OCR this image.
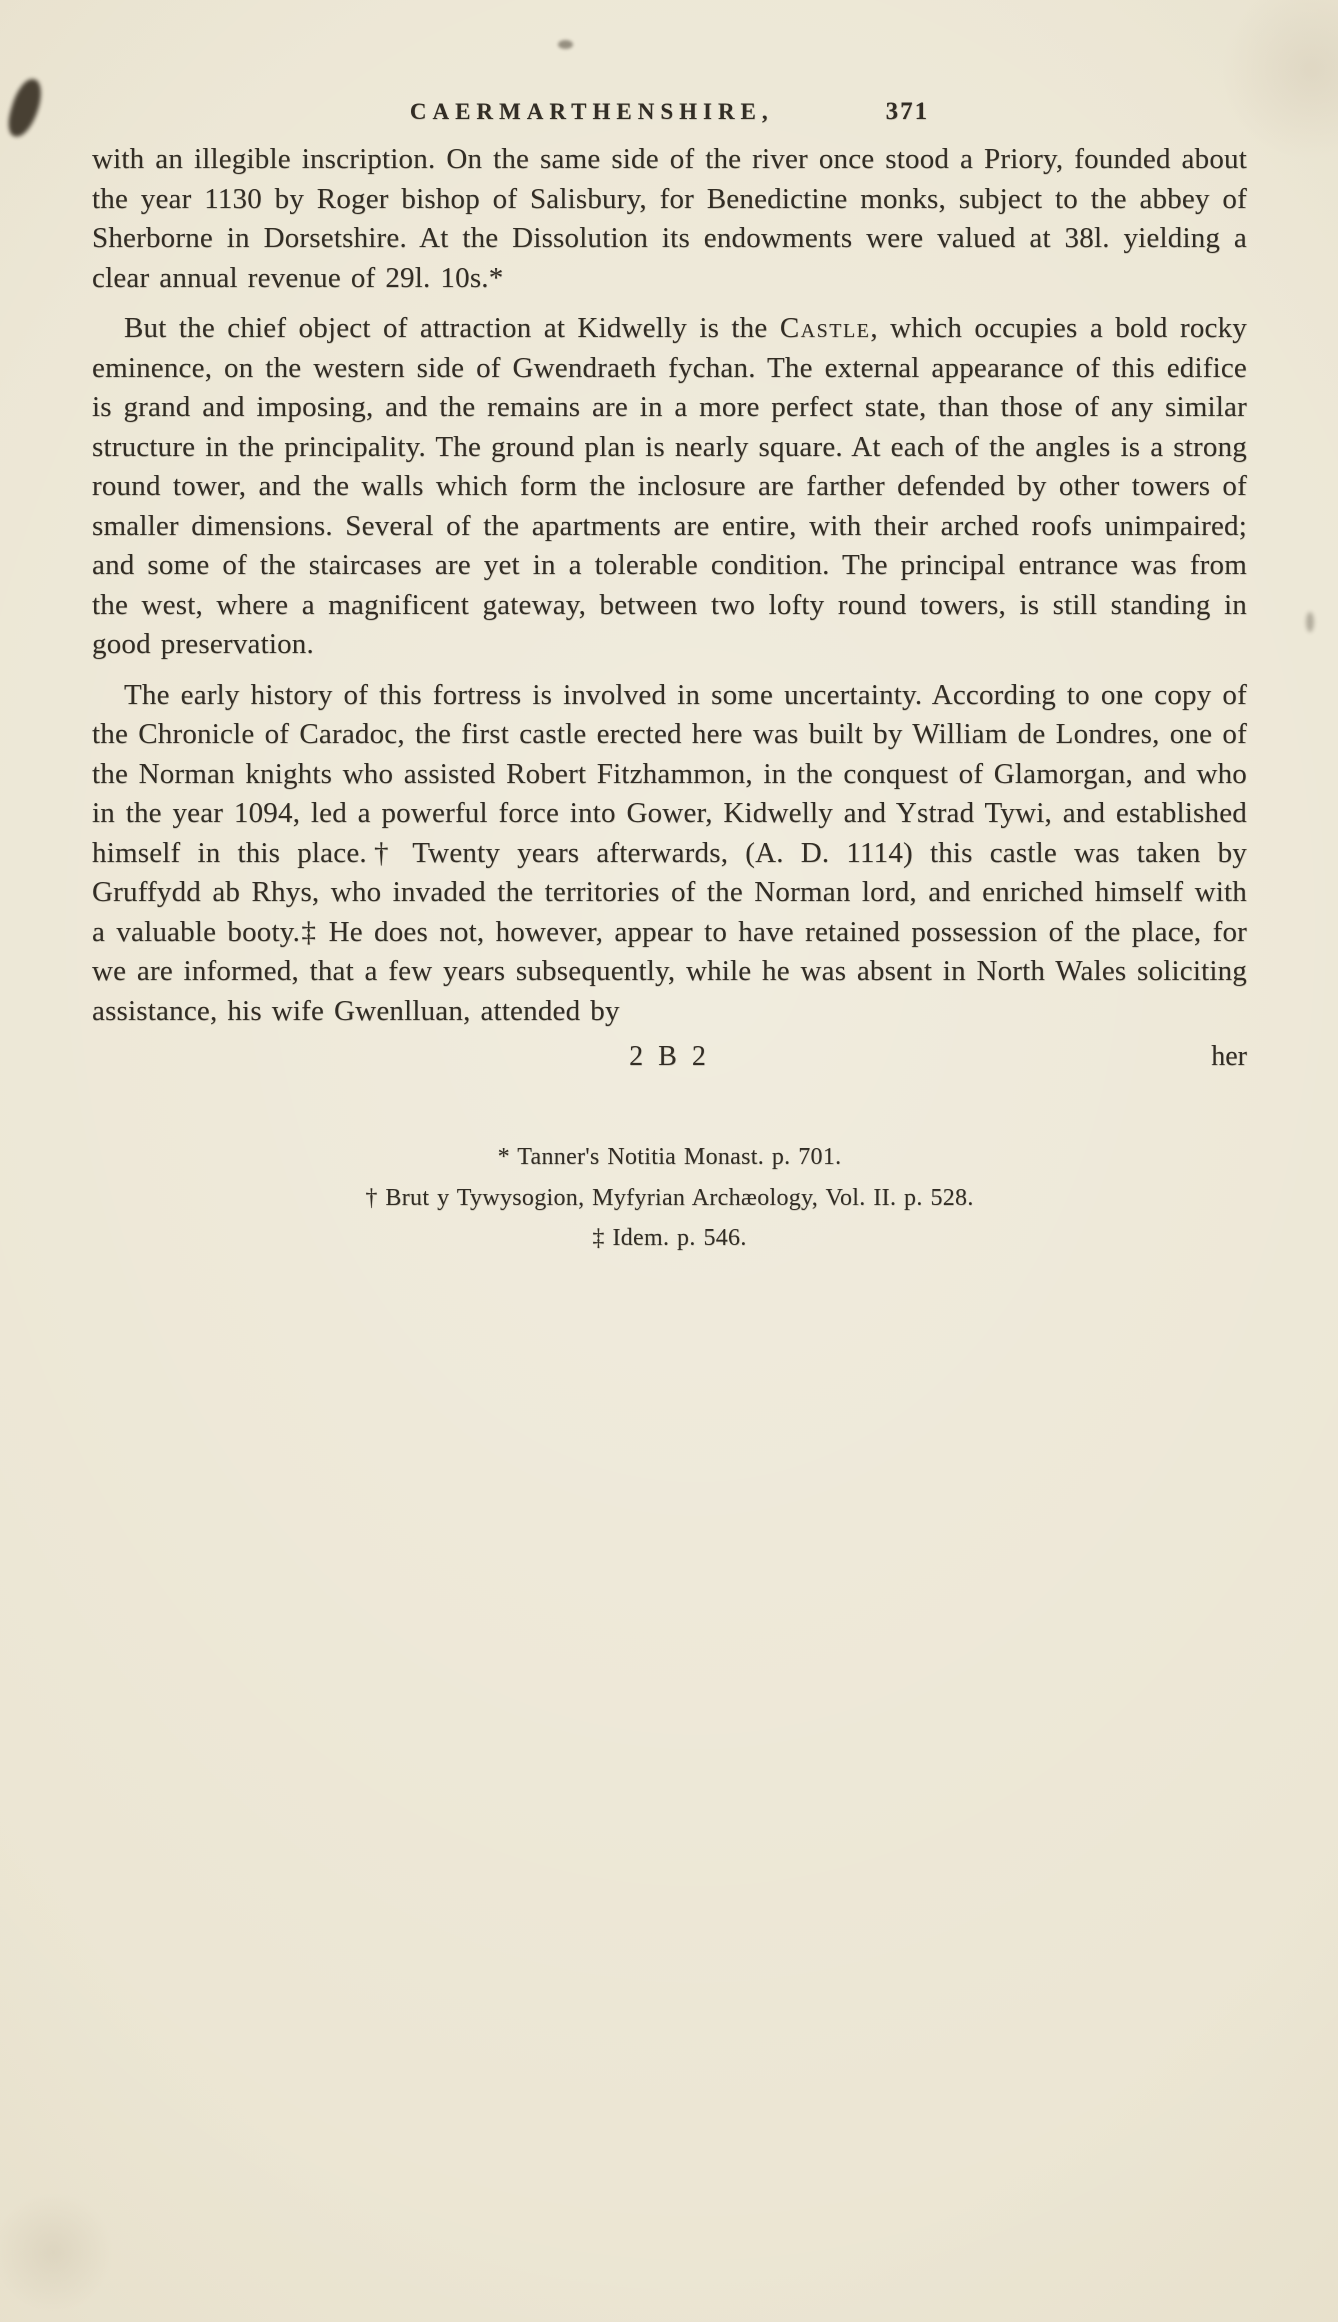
CAERMARTHENSHIRE,	371

with an illegible inscription. On the same side of the river once stood a Priory, founded about the year 1130 by Roger bishop of Salisbury, for Benedictine monks, subject to the abbey of Sherborne in Dorsetshire. At the Dissolution its endowments were valued at 38l. yielding a clear annual revenue of 29l. 10s.*

But the chief object of attraction at Kidwelly is the Castle, which occupies a bold rocky eminence, on the western side of Gwendraeth fychan. The external appearance of this edifice is grand and imposing, and the remains are in a more perfect state, than those of any similar structure in the principality. The ground plan is nearly square. At each of the angles is a strong round tower, and the walls which form the inclosure are farther defended by other towers of smaller dimensions. Several of the apartments are entire, with their arched roofs unimpaired; and some of the staircases are yet in a tolerable condition. The principal entrance was from the west, where a magnificent gateway, between two lofty round towers, is still standing in good preservation.

The early history of this fortress is involved in some uncertainty. According to one copy of the Chronicle of Caradoc, the first castle erected here was built by William de Londres, one of the Norman knights who assisted Robert Fitzhammon, in the conquest of Glamorgan, and who in the year 1094, led a powerful force into Gower, Kidwelly and Ystrad Tywi, and established himself in this place.† Twenty years afterwards, (A. D. 1114) this castle was taken by Gruffydd ab Rhys, who invaded the territories of the Norman lord, and enriched himself with a valuable booty.‡ He does not, however, appear to have retained possession of the place, for we are informed, that a few years subsequently, while he was absent in North Wales soliciting assistance, his wife Gwenlluan, attended by

2 B 2	her
* Tanner's Notitia Monast. p. 701.
† Brut y Tywysogion, Myfyrian Archæology, Vol. II. p. 528.
‡ Idem. p. 546.
